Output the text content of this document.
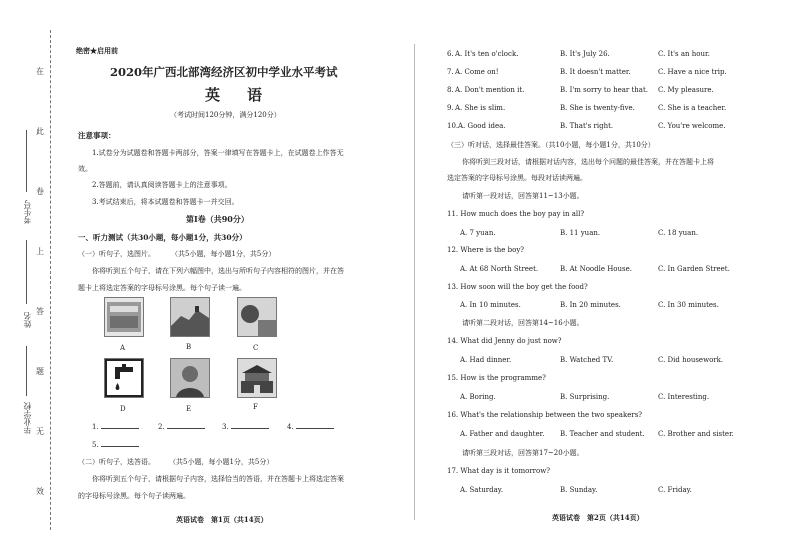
在
此
卷
上
答
题
无
效
考生号
姓名
毕业学校
绝密★启用前
2020年广西北部湾经济区初中学业水平考试
英　语
（考试时间120分钟，满分120分）
注意事项：
1.试卷分为试题卷和答题卡两部分，答案一律填写在答题卡上，在试题卷上作答无
效。
2.答题前，请认真阅读答题卡上的注意事项。
3.考试结束后，将本试题卷和答题卡一并交回。
第Ⅰ卷（共90分）
一、听力测试（共30小题，每小题1分，共30分）
（一）听句子，选图片。 （共5小题，每小题1分，共5分）
你将听到五个句子，请在下列六幅图中，选出与所听句子内容相符的图片，并在答
题卡上将选定答案的字母标号涂黑。每个句子读一遍。
A	B	C
D	E	F
1.	2.	3.	4.
5.
（二）听句子，选答语。 （共5小题，每小题1分，共5分）
你将听到五个句子，请根据句子内容，选择恰当的答语，并在答题卡上将选定答案
的字母标号涂黑。每个句子读两遍。
英语试卷　第1页（共14页）
6. A. It's ten o'clock.	B. It's July 26.	C. It's an hour.
7. A. Come on!	B. It doesn't matter.	C. Have a nice trip.
8. A. Don't mention it.	B. I'm sorry to hear that. C. My pleasure.
9. A. She is slim.	B. She is twenty-five.	C. She is a teacher.
10. A. Good idea.	B. That's right.	C. You're welcome.
（三）听对话，选择最佳答案。（共10小题，每小题1分，共10分）
你将听到三段对话，请根据对话内容，选出每个问题的最佳答案，并在答题卡上将
选定答案的字母标号涂黑。每段对话读两遍。
请听第一段对话，回答第11~13小题。
11. How much does the boy pay in all?
A. 7 yuan.	B. 11 yuan.	C. 18 yuan.
12. Where is the boy?
A. At 68 North Street.	B. At Noodle House.	C. In Garden Street.
13. How soon will the boy get the food?
A. In 10 minutes.	B. In 20 minutes.	C. In 30 minutes.
请听第二段对话，回答第14~16小题。
14. What did Jenny do just now?
A. Had dinner.	B. Watched TV.	C. Did housework.
15. How is the programme?
A. Boring.	B. Surprising.	C. Interesting.
16. What's the relationship between the two speakers?
A. Father and daughter. B. Teacher and student. C. Brother and sister.
请听第三段对话，回答第17~20小题。
17. What day is it tomorrow?
A. Saturday.	B. Sunday.	C. Friday.
英语试卷　第2页（共14页）
